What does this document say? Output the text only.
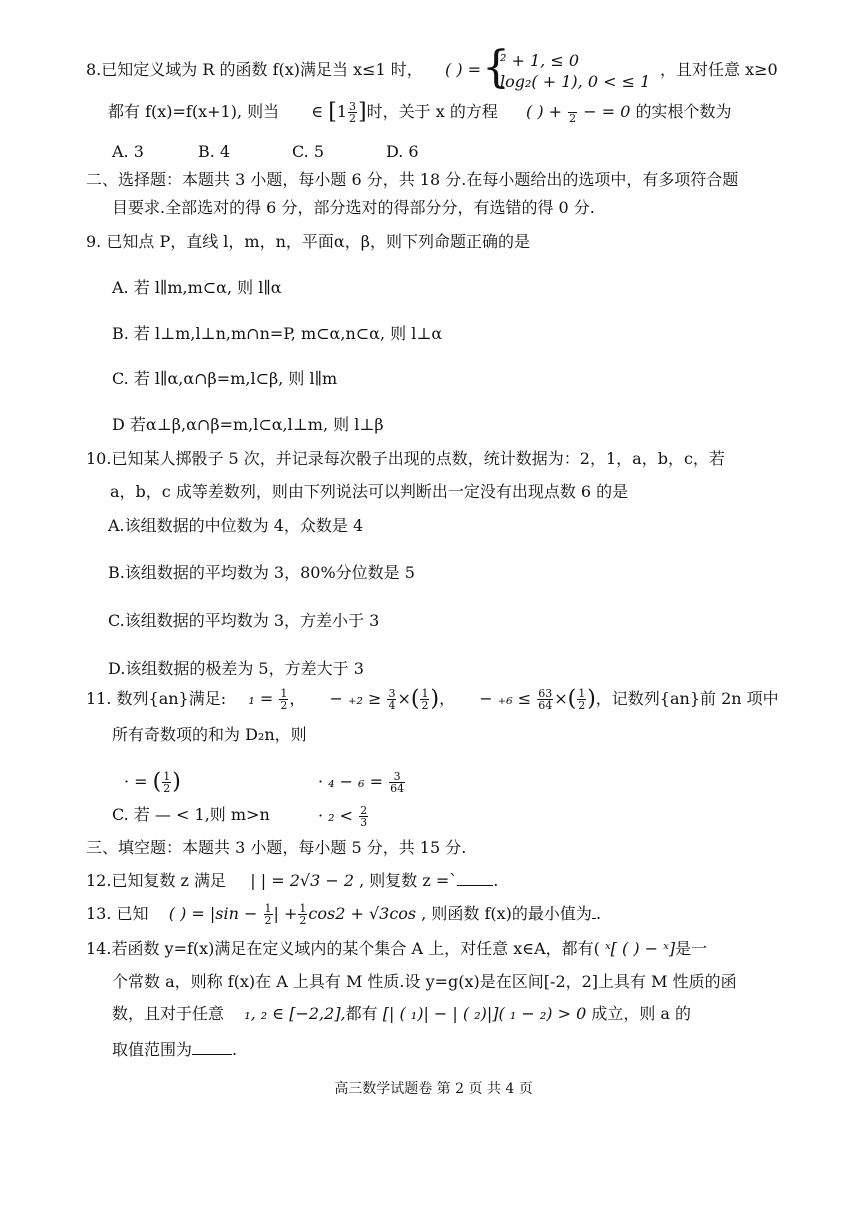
8.已知定义域为 R 的函数 f(x)满足当 x≤1 时， ( ) = {
² + 1, ≤ 0
log₂( + 1), 0 < ≤ 1
，且对任意 x≥0
都有 f(x)=f(x+1), 则当 ∈ [$1 \frac{3}{2}$ ]时，关于 x 的方程 ( ) +
2 − = 0 的实根个数为
A. 3	B. 4	C. 5	D. 6
二、选择题：本题共 3 小题，每小题 6 分，共 18 分.在每小题给出的选项中，有多项符合题
目要求.全部选对的得 6 分，部分选对的得部分分，有选错的得 0 分.
9. 已知点 P，直线 l，m，n，平面α，β，则下列命题正确的是
A. 若 l∥m,m⊂α, 则 l∥α
B. 若 l⊥m,l⊥n,m∩n=P, m⊂α,n⊂α, 则 l⊥α
C. 若 l∥α,α∩β=m,l⊂β, 则 l∥m
D 若α⊥β,α∩β=m,l⊂α,l⊥m, 则 l⊥β
10.已知某人掷骰子 5 次，并记录每次骰子出现的点数，统计数据为：2，1，a，b，c，若
a，b，c 成等差数列，则由下列说法可以判断出一定没有出现点数 6 的是
A.该组数据的中位数为 4，众数是 4
B.该组数据的平均数为 3，80%分位数是 5
C.该组数据的平均数为 3，方差小于 3
D.该组数据的极差为 5，方差大于 3
11. 数列{an}满足: $_1 = \frac{1}{2}$ ， − $_{+2} \ge \frac{3}{4}$ ×( $\frac{1}{2}$ )， − $_{+6} \le \frac{63}{64}$ ×( $\frac{1}{2}$ )，记数列{an}前 2n 项中
所有奇数项的和为 D₂n，则
· = ( $\frac{1}{2}$ )	· $_4 - _6 = \frac{3}{64}$
C. 若 — < 1,则 m>n	· $_2 < \frac{2}{3}$
三、填空题：本题共 3 小题，每小题 5 分，共 15 分.
12.已知复数 z 满足 | | = 2√3 − 2 , 则复数 z =` .
13. 已知 ( ) = $|\sin - \frac{1}{2}$ | + $\frac{1}{2} \cos 2 + √3\cos$ , 则函数 f(x)的最小值为 .
14.若函数 y=f(x)满足在定义域内的某个集合 A 上，对任意 x∈A，都有( ˣ[ ( ) − ˣ]是一
个常数 a，则称 f(x)在 A 上具有 M 性质.设 y=g(x)是在区间[-2，2]上具有 M 性质的函
数，且对于任意 ₁, ₂ ∈ [−2,2],都有 [| ( ₁)| − | ( ₂)|]( ₁ − ₂) > 0 成立，则 a 的
取值范围为	.
高三数学试题卷 第 2 页 共 4 页
